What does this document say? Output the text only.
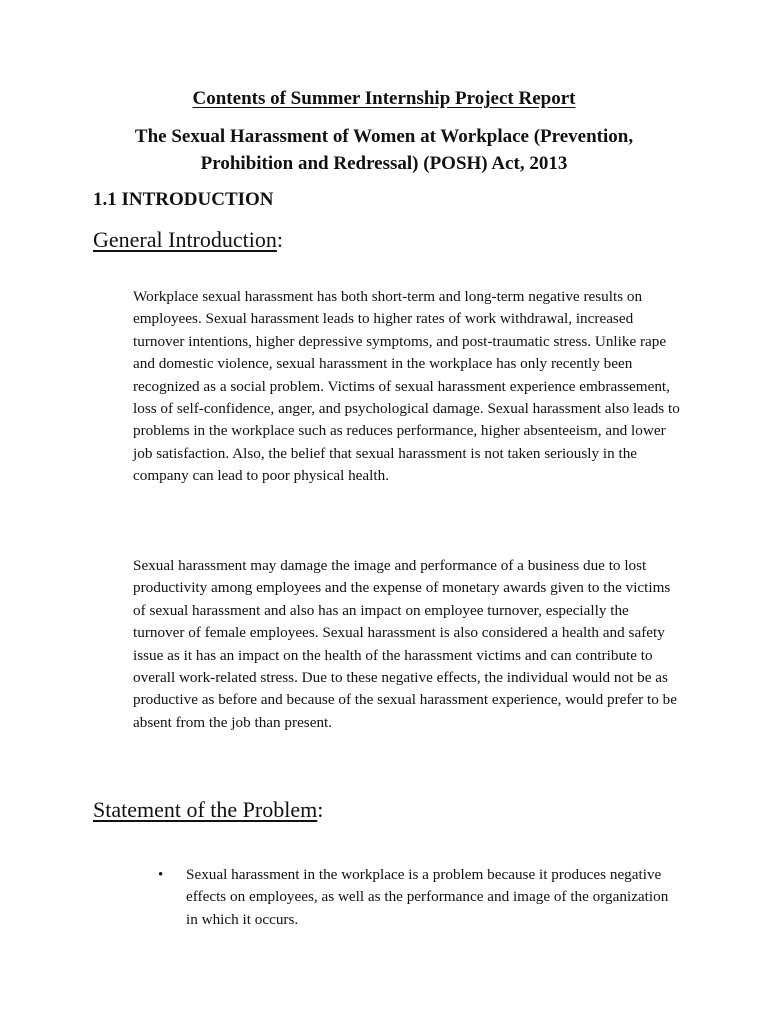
Contents of Summer Internship Project Report
The Sexual Harassment of Women at Workplace (Prevention,
Prohibition and Redressal) (POSH) Act, 2013
1.1 INTRODUCTION
General Introduction:

Workplace sexual harassment has both short-term and long-term negative results on employees. Sexual harassment leads to higher rates of work withdrawal, increased turnover intentions, higher depressive symptoms, and post-traumatic stress. Unlike rape and domestic violence, sexual harassment in the workplace has only recently been recognized as a social problem. Victims of sexual harassment experience embrassement, loss of self-confidence, anger, and psychological damage. Sexual harassment also leads to problems in the workplace such as reduces performance, higher absenteeism, and lower job satisfaction. Also, the belief that sexual harassment is not taken seriously in the company can lead to poor physical health.

Sexual harassment may damage the image and performance of a business due to lost productivity among employees and the expense of monetary awards given to the victims of sexual harassment and also has an impact on employee turnover, especially the turnover of female employees. Sexual harassment is also considered a health and safety issue as it has an impact on the health of the harassment victims and can contribute to overall work-related stress. Due to these negative effects, the individual would not be as productive as before and because of the sexual harassment experience, would prefer to be absent from the job than present.

Statement of the Problem:
• Sexual harassment in the workplace is a problem because it produces negative effects on employees, as well as the performance and image of the organization in which it occurs.
